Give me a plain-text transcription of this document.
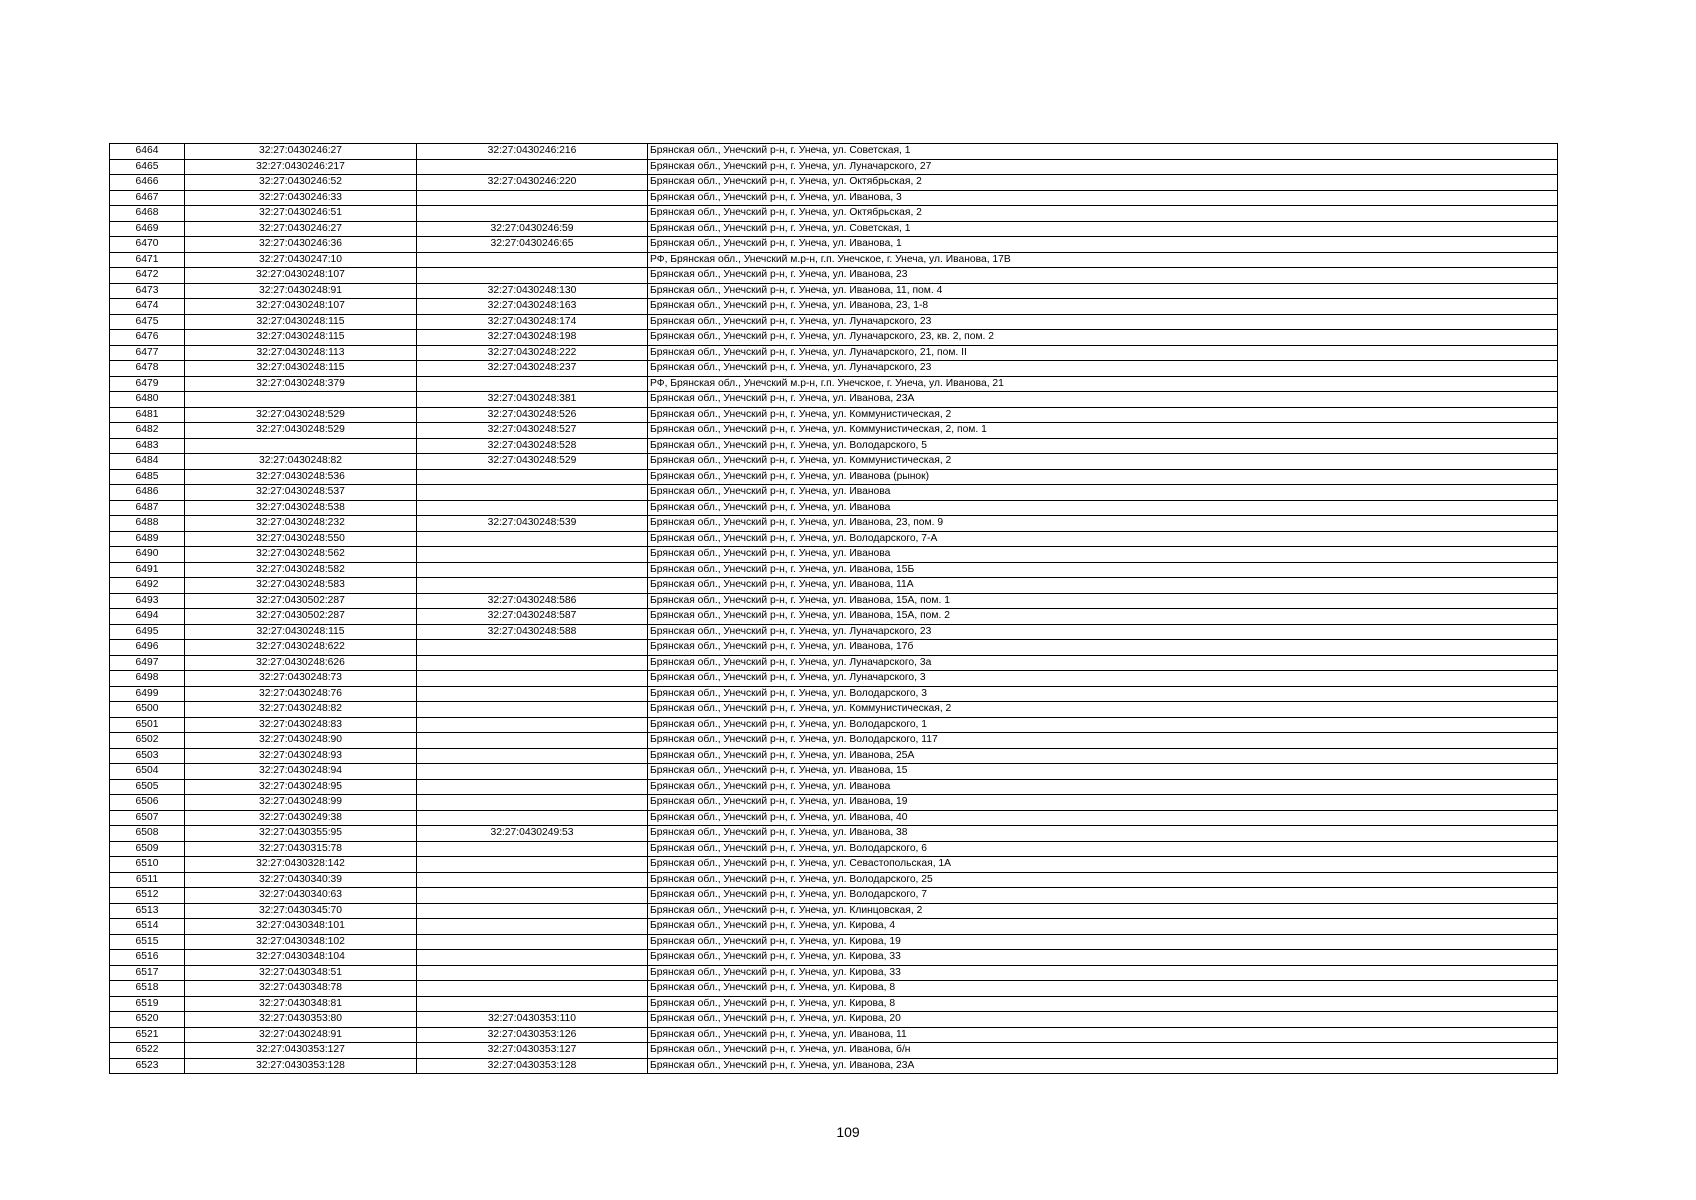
6464	32:27:0430246:27	32:27:0430246:216	Брянская обл., Унечский р-н, г. Унеча, ул. Советская, 1
6465	32:27:0430246:217		Брянская обл., Унечский р-н, г. Унеча, ул. Луначарского, 27
6466	32:27:0430246:52	32:27:0430246:220	Брянская обл., Унечский р-н, г. Унеча, ул. Октябрьская, 2
6467	32:27:0430246:33		Брянская обл., Унечский р-н, г. Унеча, ул. Иванова, 3
6468	32:27:0430246:51		Брянская обл., Унечский р-н, г. Унеча, ул. Октябрьская, 2
6469	32:27:0430246:27	32:27:0430246:59	Брянская обл., Унечский р-н, г. Унеча, ул. Советская, 1
6470	32:27:0430246:36	32:27:0430246:65	Брянская обл., Унечский р-н, г. Унеча, ул. Иванова, 1
6471	32:27:0430247:10		РФ, Брянская обл., Унечский м.р-н, г.п. Унечское, г. Унеча, ул. Иванова, 17В
6472	32:27:0430248:107		Брянская обл., Унечский р-н, г. Унеча, ул. Иванова, 23
6473	32:27:0430248:91	32:27:0430248:130	Брянская обл., Унечский р-н, г. Унеча, ул. Иванова, 11, пом. 4
6474	32:27:0430248:107	32:27:0430248:163	Брянская обл., Унечский р-н, г. Унеча, ул. Иванова, 23, 1-8
6475	32:27:0430248:115	32:27:0430248:174	Брянская обл., Унечский р-н, г. Унеча, ул. Луначарского, 23
6476	32:27:0430248:115	32:27:0430248:198	Брянская обл., Унечский р-н, г. Унеча, ул. Луначарского, 23, кв. 2, пом. 2
6477	32:27:0430248:113	32:27:0430248:222	Брянская обл., Унечский р-н, г. Унеча, ул. Луначарского, 21, пом. II
6478	32:27:0430248:115	32:27:0430248:237	Брянская обл., Унечский р-н, г. Унеча, ул. Луначарского, 23
6479	32:27:0430248:379		РФ, Брянская обл., Унечский м.р-н, г.п. Унечское, г. Унеча, ул. Иванова, 21
6480		32:27:0430248:381	Брянская обл., Унечский р-н, г. Унеча, ул. Иванова, 23А
6481	32:27:0430248:529	32:27:0430248:526	Брянская обл., Унечский р-н, г. Унеча, ул. Коммунистическая, 2
6482	32:27:0430248:529	32:27:0430248:527	Брянская обл., Унечский р-н, г. Унеча, ул. Коммунистическая, 2, пом. 1
6483		32:27:0430248:528	Брянская обл., Унечский р-н, г. Унеча, ул. Володарского, 5
6484	32:27:0430248:82	32:27:0430248:529	Брянская обл., Унечский р-н, г. Унеча, ул. Коммунистическая, 2
6485	32:27:0430248:536		Брянская обл., Унечский р-н, г. Унеча, ул. Иванова (рынок)
6486	32:27:0430248:537		Брянская обл., Унечский р-н, г. Унеча, ул. Иванова
6487	32:27:0430248:538		Брянская обл., Унечский р-н, г. Унеча, ул. Иванова
6488	32:27:0430248:232	32:27:0430248:539	Брянская обл., Унечский р-н, г. Унеча, ул. Иванова, 23, пом. 9
6489	32:27:0430248:550		Брянская обл., Унечский р-н, г. Унеча, ул. Володарского, 7-А
6490	32:27:0430248:562		Брянская обл., Унечский р-н, г. Унеча, ул. Иванова
6491	32:27:0430248:582		Брянская обл., Унечский р-н, г. Унеча, ул. Иванова, 15Б
6492	32:27:0430248:583		Брянская обл., Унечский р-н, г. Унеча, ул. Иванова, 11А
6493	32:27:0430502:287	32:27:0430248:586	Брянская обл., Унечский р-н, г. Унеча, ул. Иванова, 15А, пом. 1
6494	32:27:0430502:287	32:27:0430248:587	Брянская обл., Унечский р-н, г. Унеча, ул. Иванова, 15А, пом. 2
6495	32:27:0430248:115	32:27:0430248:588	Брянская обл., Унечский р-н, г. Унеча, ул. Луначарского, 23
6496	32:27:0430248:622		Брянская обл., Унечский р-н, г. Унеча, ул. Иванова, 17б
6497	32:27:0430248:626		Брянская обл., Унечский р-н, г. Унеча, ул. Луначарского, 3а
6498	32:27:0430248:73		Брянская обл., Унечский р-н, г. Унеча, ул. Луначарского, 3
6499	32:27:0430248:76		Брянская обл., Унечский р-н, г. Унеча, ул. Володарского, 3
6500	32:27:0430248:82		Брянская обл., Унечский р-н, г. Унеча, ул. Коммунистическая, 2
6501	32:27:0430248:83		Брянская обл., Унечский р-н, г. Унеча, ул. Володарского, 1
6502	32:27:0430248:90		Брянская обл., Унечский р-н, г. Унеча, ул. Володарского, 117
6503	32:27:0430248:93		Брянская обл., Унечский р-н, г. Унеча, ул. Иванова, 25А
6504	32:27:0430248:94		Брянская обл., Унечский р-н, г. Унеча, ул. Иванова, 15
6505	32:27:0430248:95		Брянская обл., Унечский р-н, г. Унеча, ул. Иванова
6506	32:27:0430248:99		Брянская обл., Унечский р-н, г. Унеча, ул. Иванова, 19
6507	32:27:0430249:38		Брянская обл., Унечский р-н, г. Унеча, ул. Иванова, 40
6508	32:27:0430355:95	32:27:0430249:53	Брянская обл., Унечский р-н, г. Унеча, ул. Иванова, 38
6509	32:27:0430315:78		Брянская обл., Унечский р-н, г. Унеча, ул. Володарского, 6
6510	32:27:0430328:142		Брянская обл., Унечский р-н, г. Унеча, ул. Севастопольская, 1А
6511	32:27:0430340:39		Брянская обл., Унечский р-н, г. Унеча, ул. Володарского, 25
6512	32:27:0430340:63		Брянская обл., Унечский р-н, г. Унеча, ул. Володарского, 7
6513	32:27:0430345:70		Брянская обл., Унечский р-н, г. Унеча, ул. Клинцовская, 2
6514	32:27:0430348:101		Брянская обл., Унечский р-н, г. Унеча, ул. Кирова, 4
6515	32:27:0430348:102		Брянская обл., Унечский р-н, г. Унеча, ул. Кирова, 19
6516	32:27:0430348:104		Брянская обл., Унечский р-н, г. Унеча, ул. Кирова, 33
6517	32:27:0430348:51		Брянская обл., Унечский р-н, г. Унеча, ул. Кирова, 33
6518	32:27:0430348:78		Брянская обл., Унечский р-н, г. Унеча, ул. Кирова, 8
6519	32:27:0430348:81		Брянская обл., Унечский р-н, г. Унеча, ул. Кирова, 8
6520	32:27:0430353:80	32:27:0430353:110	Брянская обл., Унечский р-н, г. Унеча, ул. Кирова, 20
6521	32:27:0430248:91	32:27:0430353:126	Брянская обл., Унечский р-н, г. Унеча, ул. Иванова, 11
6522	32:27:0430353:127	32:27:0430353:127	Брянская обл., Унечский р-н, г. Унеча, ул. Иванова, б/н
6523	32:27:0430353:128	32:27:0430353:128	Брянская обл., Унечский р-н, г. Унеча, ул. Иванова, 23А
109
